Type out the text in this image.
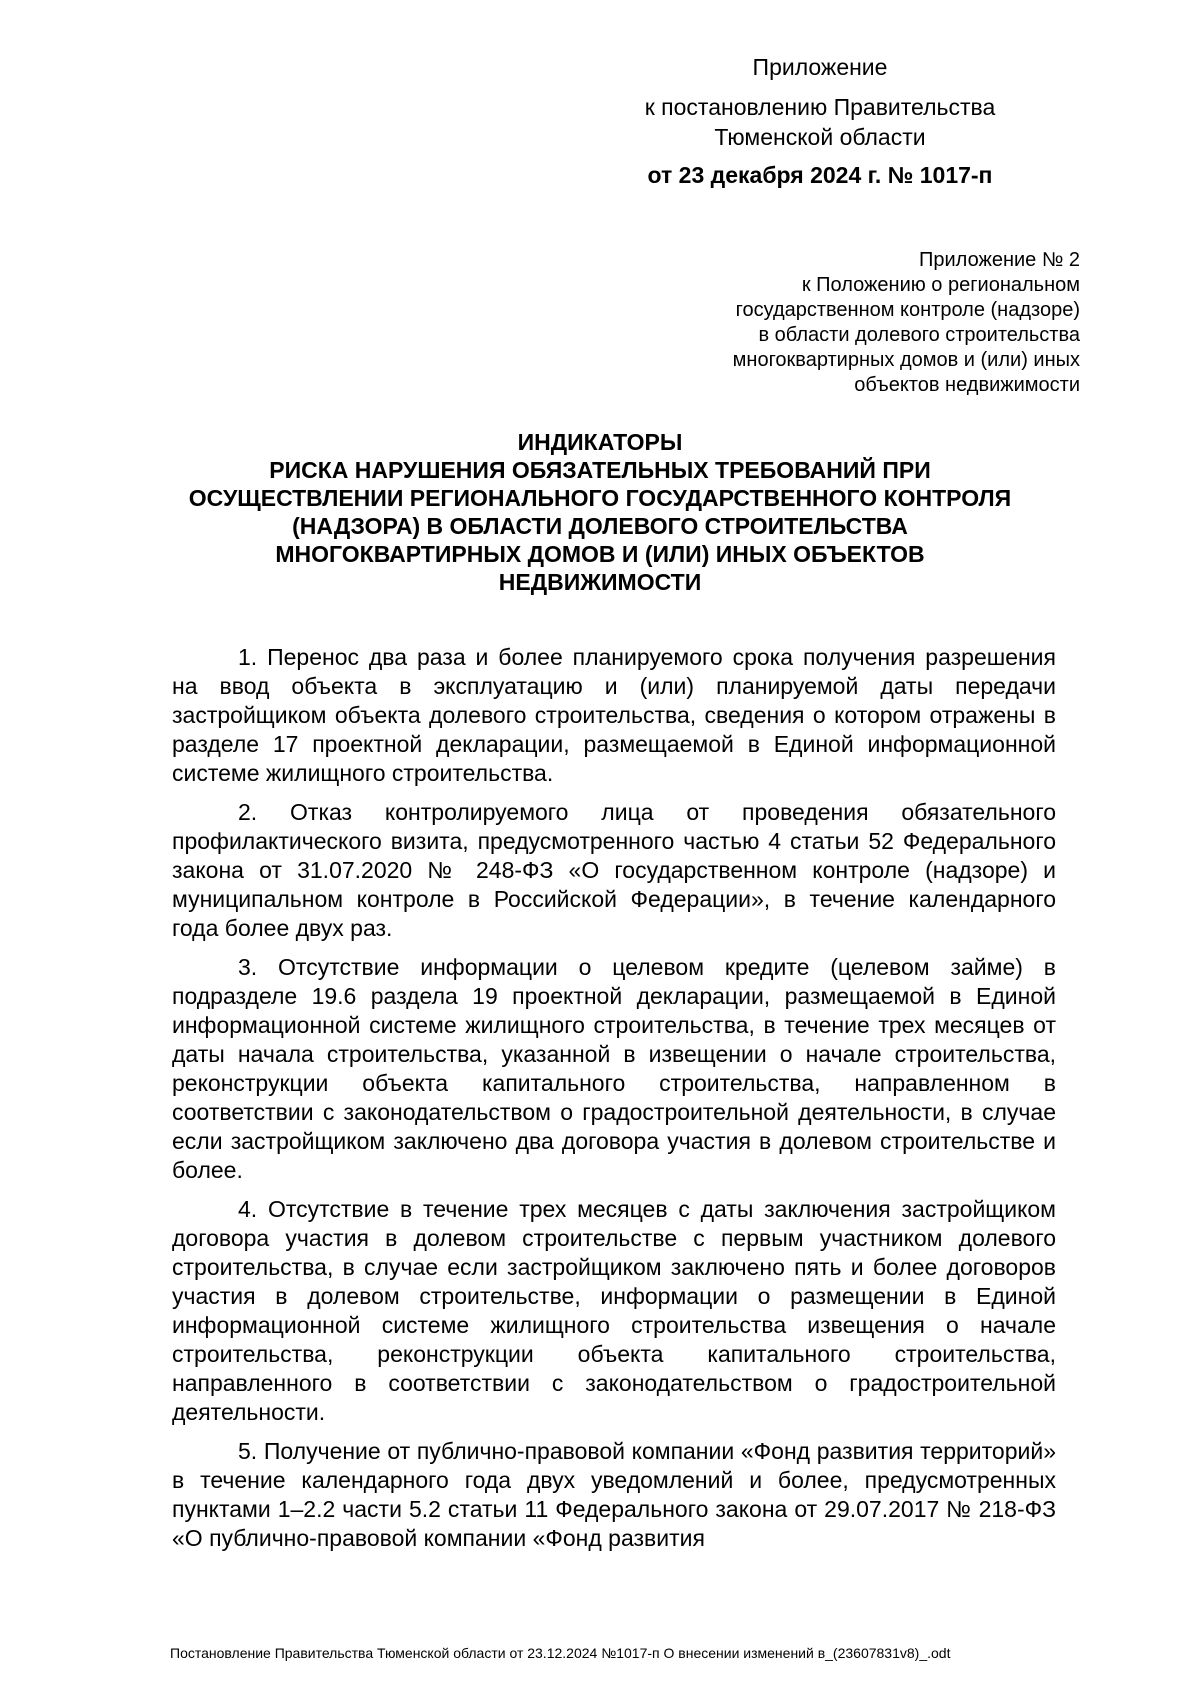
Приложение
к постановлению Правительства
Тюменской области
от 23 декабря 2024 г. № 1017-п
Приложение № 2
к Положению о региональном
государственном контроле (надзоре)
в области долевого строительства
многоквартирных домов и (или) иных
объектов недвижимости
ИНДИКАТОРЫ
РИСКА НАРУШЕНИЯ ОБЯЗАТЕЛЬНЫХ ТРЕБОВАНИЙ ПРИ
ОСУЩЕСТВЛЕНИИ РЕГИОНАЛЬНОГО ГОСУДАРСТВЕННОГО КОНТРОЛЯ
(НАДЗОРА) В ОБЛАСТИ ДОЛЕВОГО СТРОИТЕЛЬСТВА
МНОГОКВАРТИРНЫХ ДОМОВ И (ИЛИ) ИНЫХ ОБЪЕКТОВ
НЕДВИЖИМОСТИ

1. Перенос два раза и более планируемого срока получения разрешения на ввод объекта в эксплуатацию и (или) планируемой даты передачи застройщиком объекта долевого строительства, сведения о котором отражены в разделе 17 проектной декларации, размещаемой в Единой информационной системе жилищного строительства.

2. Отказ контролируемого лица от проведения обязательного профилактического визита, предусмотренного частью 4 статьи 52 Федерального закона от 31.07.2020 № 248-ФЗ «О государственном контроле (надзоре) и муниципальном контроле в Российской Федерации», в течение календарного года более двух раз.

3. Отсутствие информации о целевом кредите (целевом займе) в подразделе 19.6 раздела 19 проектной декларации, размещаемой в Единой информационной системе жилищного строительства, в течение трех месяцев от даты начала строительства, указанной в извещении о начале строительства, реконструкции объекта капитального строительства, направленном в соответствии с законодательством о градостроительной деятельности, в случае если застройщиком заключено два договора участия в долевом строительстве и более.

4. Отсутствие в течение трех месяцев с даты заключения застройщиком договора участия в долевом строительстве с первым участником долевого строительства, в случае если застройщиком заключено пять и более договоров участия в долевом строительстве, информации о размещении в Единой информационной системе жилищного строительства извещения о начале строительства, реконструкции объекта капитального строительства, направленного в соответствии с законодательством о градостроительной деятельности.

5. Получение от публично-правовой компании «Фонд развития территорий» в течение календарного года двух уведомлений и более, предусмотренных пунктами 1–2.2 части 5.2 статьи 11 Федерального закона от 29.07.2017 № 218-ФЗ «О публично-правовой компании «Фонд развития

Постановление Правительства Тюменской области от 23.12.2024 №1017-п О внесении изменений в_(23607831v8)_.odt
